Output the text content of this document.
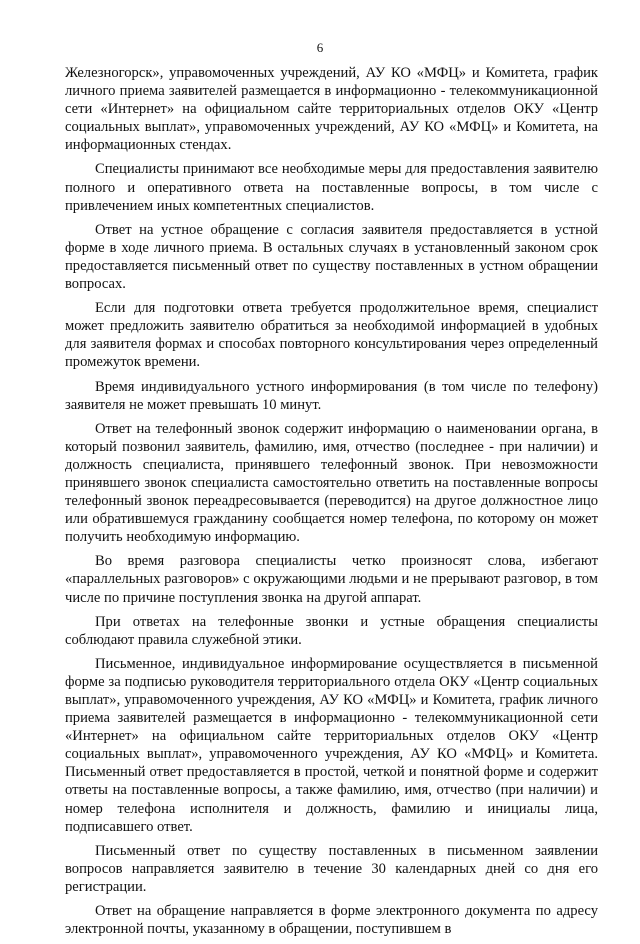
6

Железногорск», управомоченных учреждений, АУ КО «МФЦ» и Комитета, график личного приема заявителей размещается в информационно - телекоммуникационной сети «Интернет» на официальном сайте территориальных отделов ОКУ «Центр социальных выплат», управомоченных учреждений, АУ КО «МФЦ» и Комитета, на информационных стендах.

Специалисты принимают все необходимые меры для предоставления заявителю полного и оперативного ответа на поставленные вопросы, в том числе с привлечением иных компетентных специалистов.

Ответ на устное обращение с согласия заявителя предоставляется в устной форме в ходе личного приема. В остальных случаях в установленный законом срок предоставляется письменный ответ по существу поставленных в устном обращении вопросах.

Если для подготовки ответа требуется продолжительное время, специалист может предложить заявителю обратиться за необходимой информацией в удобных для заявителя формах и способах повторного консультирования через определенный промежуток времени.

Время индивидуального устного информирования (в том числе по телефону) заявителя не может превышать 10 минут.

Ответ на телефонный звонок содержит информацию о наименовании органа, в который позвонил заявитель, фамилию, имя, отчество (последнее - при наличии) и должность специалиста, принявшего телефонный звонок. При невозможности принявшего звонок специалиста самостоятельно ответить на поставленные вопросы телефонный звонок переадресовывается (переводится) на другое должностное лицо или обратившемуся гражданину сообщается номер телефона, по которому он может получить необходимую информацию.

Во время разговора специалисты четко произносят слова, избегают «параллельных разговоров» с окружающими людьми и не прерывают разговор, в том числе по причине поступления звонка на другой аппарат.

При ответах на телефонные звонки и устные обращения специалисты соблюдают правила служебной этики.

Письменное, индивидуальное информирование осуществляется в письменной форме за подписью руководителя территориального отдела ОКУ «Центр социальных выплат», управомоченного учреждения, АУ КО «МФЦ» и Комитета, график личного приема заявителей размещается в информационно - телекоммуникационной сети «Интернет» на официальном сайте территориальных отделов ОКУ «Центр социальных выплат», управомоченного учреждения, АУ КО «МФЦ» и Комитета. Письменный ответ предоставляется в простой, четкой и понятной форме и содержит ответы на поставленные вопросы, а также фамилию, имя, отчество (при наличии) и номер телефона исполнителя и должность, фамилию и инициалы лица, подписавшего ответ.

Письменный ответ по существу поставленных в письменном заявлении вопросов направляется заявителю в течение 30 календарных дней со дня его регистрации.

Ответ на обращение направляется в форме электронного документа по адресу электронной почты, указанному в обращении, поступившем в
